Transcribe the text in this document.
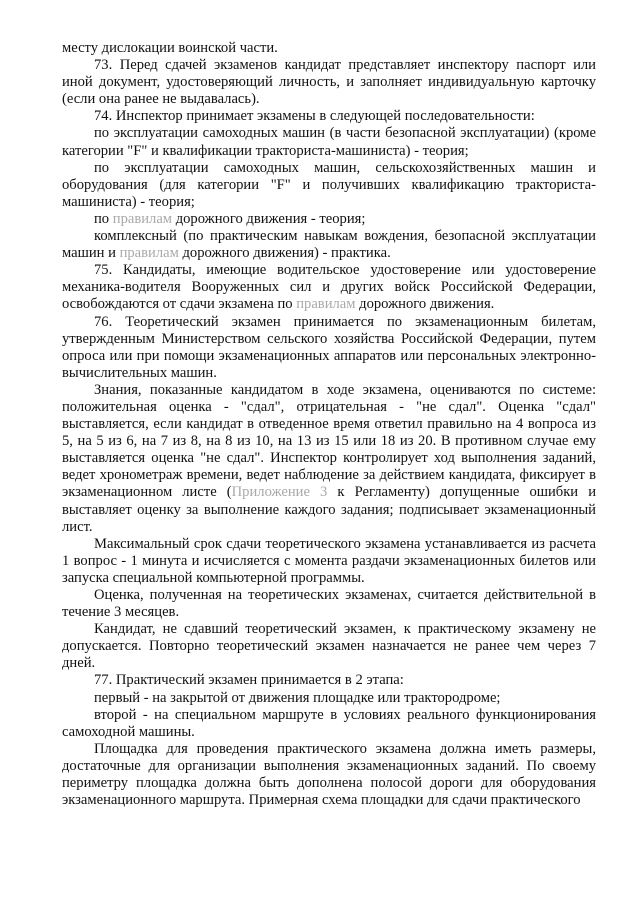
месту дислокации воинской части.

73. Перед сдачей экзаменов кандидат представляет инспектору паспорт или иной документ, удостоверяющий личность, и заполняет индивидуальную карточку (если она ранее не выдавалась).

74. Инспектор принимает экзамены в следующей последовательности:

по эксплуатации самоходных машин (в части безопасной эксплуатации) (кроме категории "F" и квалификации тракториста-машиниста) - теория;

по эксплуатации самоходных машин, сельскохозяйственных машин и оборудования (для категории "F" и получивших квалификацию тракториста-машиниста) - теория;

по правилам дорожного движения - теория;

комплексный (по практическим навыкам вождения, безопасной эксплуатации машин и правилам дорожного движения) - практика.

75. Кандидаты, имеющие водительское удостоверение или удостоверение механика-водителя Вооруженных сил и других войск Российской Федерации, освобождаются от сдачи экзамена по правилам дорожного движения.

76. Теоретический экзамен принимается по экзаменационным билетам, утвержденным Министерством сельского хозяйства Российской Федерации, путем опроса или при помощи экзаменационных аппаратов или персональных электронно-вычислительных машин.

Знания, показанные кандидатом в ходе экзамена, оцениваются по системе: положительная оценка - "сдал", отрицательная - "не сдал". Оценка "сдал" выставляется, если кандидат в отведенное время ответил правильно на 4 вопроса из 5, на 5 из 6, на 7 из 8, на 8 из 10, на 13 из 15 или 18 из 20. В противном случае ему выставляется оценка "не сдал". Инспектор контролирует ход выполнения заданий, ведет хронометраж времени, ведет наблюдение за действием кандидата, фиксирует в экзаменационном листе (Приложение 3 к Регламенту) допущенные ошибки и выставляет оценку за выполнение каждого задания; подписывает экзаменационный лист.

Максимальный срок сдачи теоретического экзамена устанавливается из расчета 1 вопрос - 1 минута и исчисляется с момента раздачи экзаменационных билетов или запуска специальной компьютерной программы.

Оценка, полученная на теоретических экзаменах, считается действительной в течение 3 месяцев.

Кандидат, не сдавший теоретический экзамен, к практическому экзамену не допускается. Повторно теоретический экзамен назначается не ранее чем через 7 дней.

77. Практический экзамен принимается в 2 этапа:

первый - на закрытой от движения площадке или трактородроме;

второй - на специальном маршруте в условиях реального функционирования самоходной машины.

Площадка для проведения практического экзамена должна иметь размеры, достаточные для организации выполнения экзаменационных заданий. По своему периметру площадка должна быть дополнена полосой дороги для оборудования экзаменационного маршрута. Примерная схема площадки для сдачи практического
